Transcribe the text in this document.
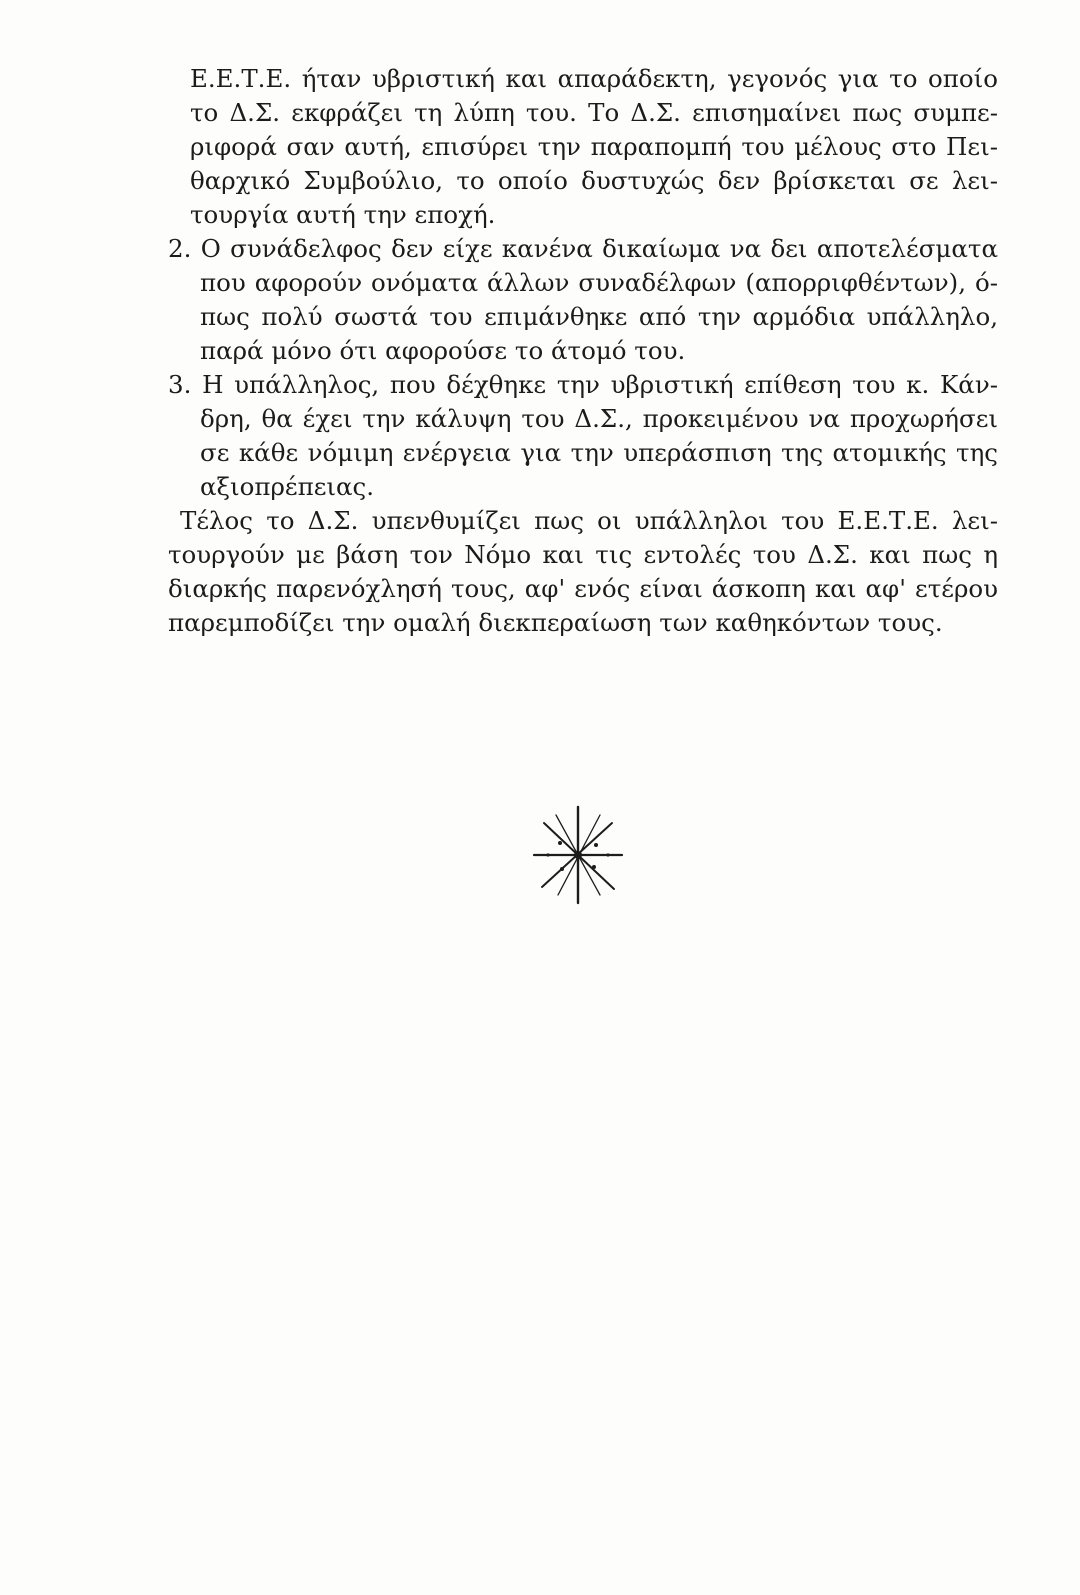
Ε.Ε.Τ.Ε. ήταν υβριστική και απαράδεκτη, γεγονός για το οποίο
το Δ.Σ. εκφράζει τη λύπη του. Το Δ.Σ. επισημαίνει πως συμπε-
ριφορά σαν αυτή, επισύρει την παραπομπή του μέλους στο Πει-
θαρχικό Συμβούλιο, το οποίο δυστυχώς δεν βρίσκεται σε λει-
τουργία αυτή την εποχή.
2. Ο συνάδελφος δεν είχε κανένα δικαίωμα να δει αποτελέσματα
που αφορούν ονόματα άλλων συναδέλφων (απορριφθέντων), ό-
πως πολύ σωστά του επιμάνθηκε από την αρμόδια υπάλληλο,
παρά μόνο ότι αφορούσε το άτομό του.
3. Η υπάλληλος, που δέχθηκε την υβριστική επίθεση του κ. Κάν-
δρη, θα έχει την κάλυψη του Δ.Σ., προκειμένου να προχωρήσει
σε κάθε νόμιμη ενέργεια για την υπεράσπιση της ατομικής της
αξιοπρέπειας.
Τέλος το Δ.Σ. υπενθυμίζει πως οι υπάλληλοι του Ε.Ε.Τ.Ε. λει-
τουργούν με βάση τον Νόμο και τις εντολές του Δ.Σ. και πως η
διαρκής παρενόχλησή τους, αφ' ενός είναι άσκοπη και αφ' ετέρου
παρεμποδίζει την ομαλή διεκπεραίωση των καθηκόντων τους.
